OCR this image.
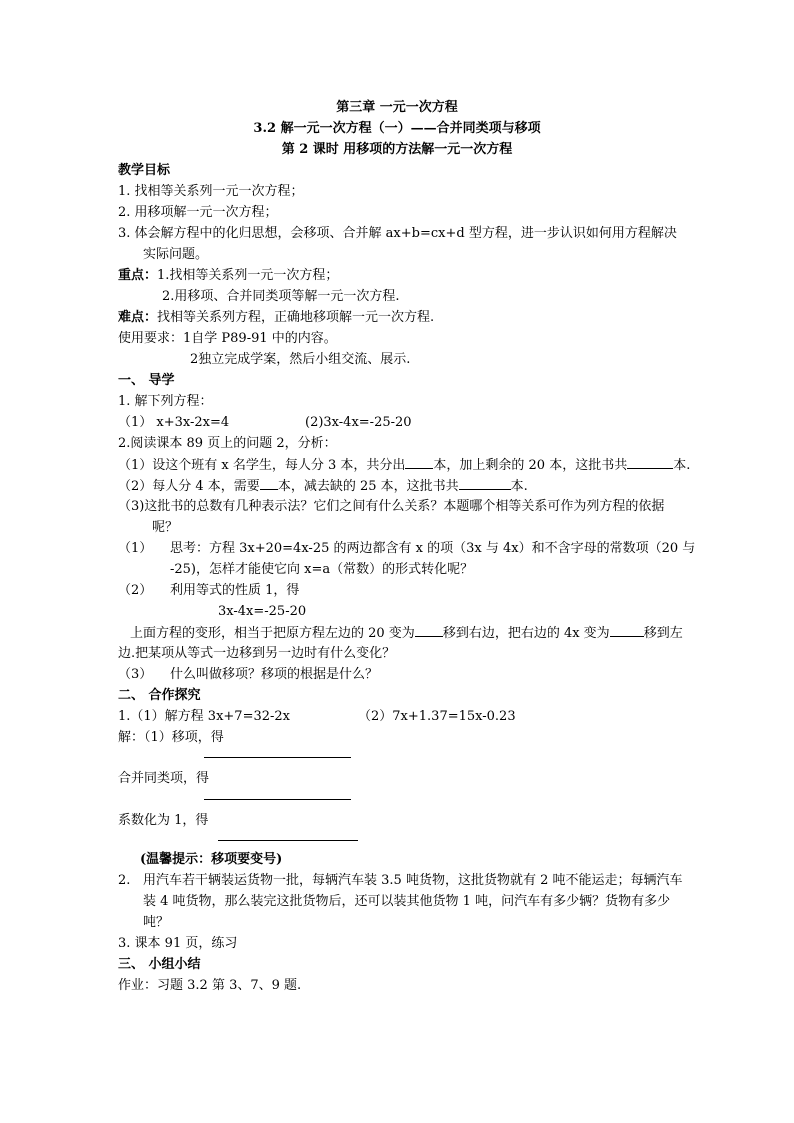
第三章 一元一次方程
3.2 解一元一次方程（一）——合并同类项与移项
第 2 课时 用移项的方法解一元一次方程
教学目标
1. 找相等关系列一元一次方程；
2. 用移项解一元一次方程；
3. 体会解方程中的化归思想，会移项、合并解 ax+b=cx+d 型方程，进一步认识如何用方程解决
实际问题。
重点：1.找相等关系列一元一次方程；
2.用移项、合并同类项等解一元一次方程.
难点：找相等关系列方程，正确地移项解一元一次方程.
使用要求：1自学 P89-91 中的内容。
2独立完成学案，然后小组交流、展示.
一、 导学
1. 解下列方程：
（1） x+3x-2x=4	(2)3x-4x=-25-20
2.阅读课本 89 页上的问题 2，分析：
（1）设这个班有 x 名学生，每人分 3 本，共分出 本，加上剩余的 20 本，这批书共	本.
（2）每人分 4 本，需要 本，减去缺的 25 本，这批书共	本.
（3)这批书的总数有几种表示法？它们之间有什么关系？本题哪个相等关系可作为列方程的依据
呢？
（1） 思考：方程 3x+20=4x-25 的两边都含有 x 的项（3x 与 4x）和不含字母的常数项（20 与
-25)，怎样才能使它向 x=a（常数）的形式转化呢？
（2） 利用等式的性质 1，得
3x-4x=-25-20
上面方程的变形，相当于把原方程左边的 20 变为 移到右边，把右边的 4x 变为	移到左
边.把某项从等式一边移到另一边时有什么变化？
（3） 什么叫做移项？移项的根据是什么？
二、 合作探究
1.（1）解方程 3x+7=32-2x	（2）7x+1.37=15x-0.23
解：（1）移项，得
合并同类项，得
系数化为 1，得
(温馨提示：移项要变号)
2. 用汽车若干辆装运货物一批，每辆汽车装 3.5 吨货物，这批货物就有 2 吨不能运走；每辆汽车
装 4 吨货物，那么装完这批货物后，还可以装其他货物 1 吨，问汽车有多少辆？货物有多少
吨？
3. 课本 91 页，练习
三、 小组小结
作业：习题 3.2 第 3、7、9 题.
